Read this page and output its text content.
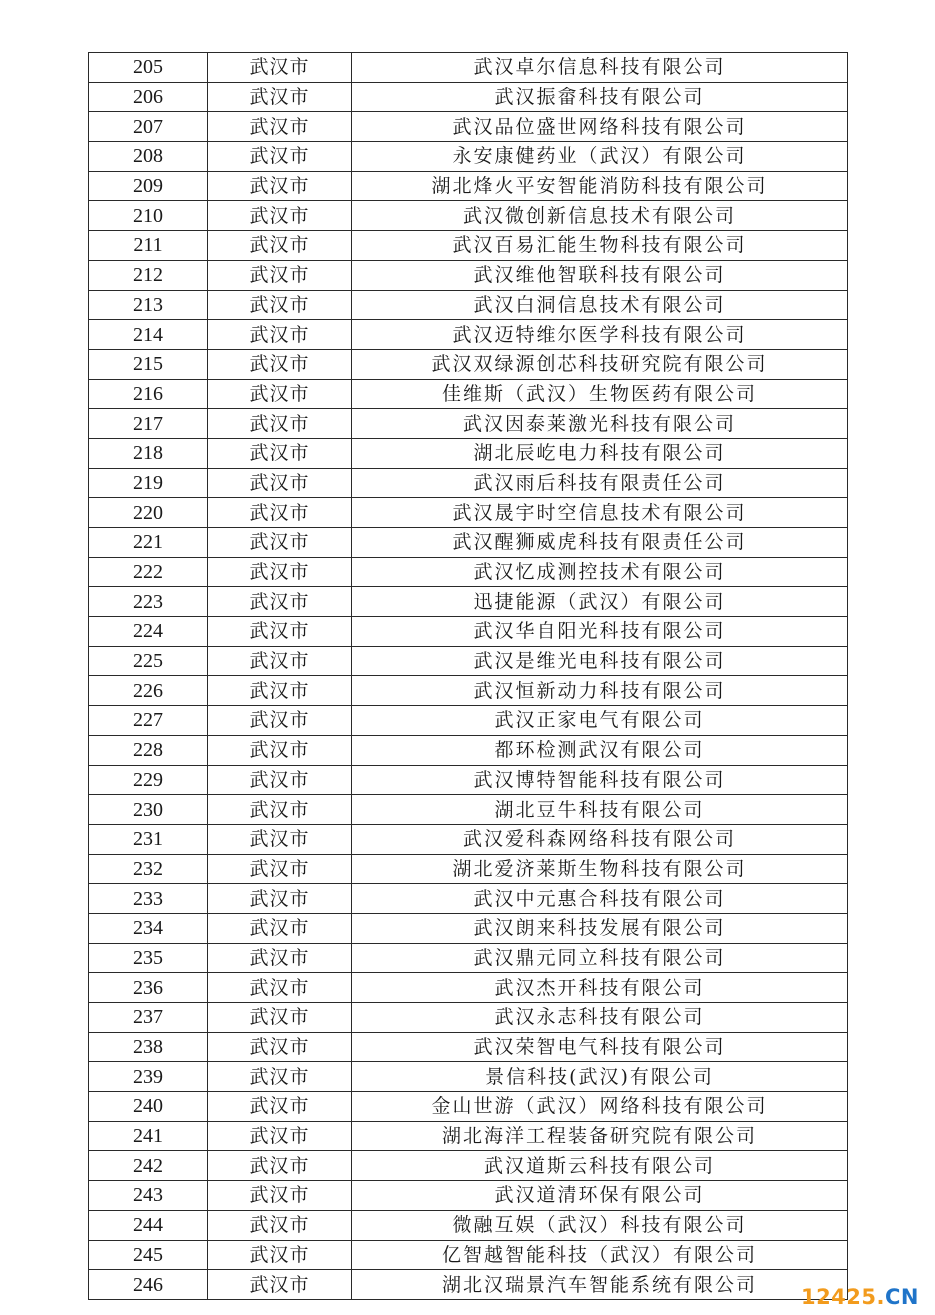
205	武汉市	武汉卓尔信息科技有限公司
206	武汉市	武汉振畲科技有限公司
207	武汉市	武汉品位盛世网络科技有限公司
208	武汉市	永安康健药业（武汉）有限公司
209	武汉市	湖北烽火平安智能消防科技有限公司
210	武汉市	武汉微创新信息技术有限公司
211	武汉市	武汉百易汇能生物科技有限公司
212	武汉市	武汉维他智联科技有限公司
213	武汉市	武汉白洞信息技术有限公司
214	武汉市	武汉迈特维尔医学科技有限公司
215	武汉市	武汉双绿源创芯科技研究院有限公司
216	武汉市	佳维斯（武汉）生物医药有限公司
217	武汉市	武汉因泰莱激光科技有限公司
218	武汉市	湖北辰屹电力科技有限公司
219	武汉市	武汉雨后科技有限责任公司
220	武汉市	武汉晟宇时空信息技术有限公司
221	武汉市	武汉醒狮威虎科技有限责任公司
222	武汉市	武汉忆成测控技术有限公司
223	武汉市	迅捷能源（武汉）有限公司
224	武汉市	武汉华自阳光科技有限公司
225	武汉市	武汉是维光电科技有限公司
226	武汉市	武汉恒新动力科技有限公司
227	武汉市	武汉正家电气有限公司
228	武汉市	都环检测武汉有限公司
229	武汉市	武汉博特智能科技有限公司
230	武汉市	湖北豆牛科技有限公司
231	武汉市	武汉爱科森网络科技有限公司
232	武汉市	湖北爱济莱斯生物科技有限公司
233	武汉市	武汉中元惠合科技有限公司
234	武汉市	武汉朗来科技发展有限公司
235	武汉市	武汉鼎元同立科技有限公司
236	武汉市	武汉杰开科技有限公司
237	武汉市	武汉永志科技有限公司
238	武汉市	武汉荣智电气科技有限公司
239	武汉市	景信科技(武汉)有限公司
240	武汉市	金山世游（武汉）网络科技有限公司
241	武汉市	湖北海洋工程装备研究院有限公司
242	武汉市	武汉道斯云科技有限公司
243	武汉市	武汉道清环保有限公司
244	武汉市	微融互娱（武汉）科技有限公司
245	武汉市	亿智越智能科技（武汉）有限公司
246	武汉市	湖北汉瑞景汽车智能系统有限公司
12425.CN
